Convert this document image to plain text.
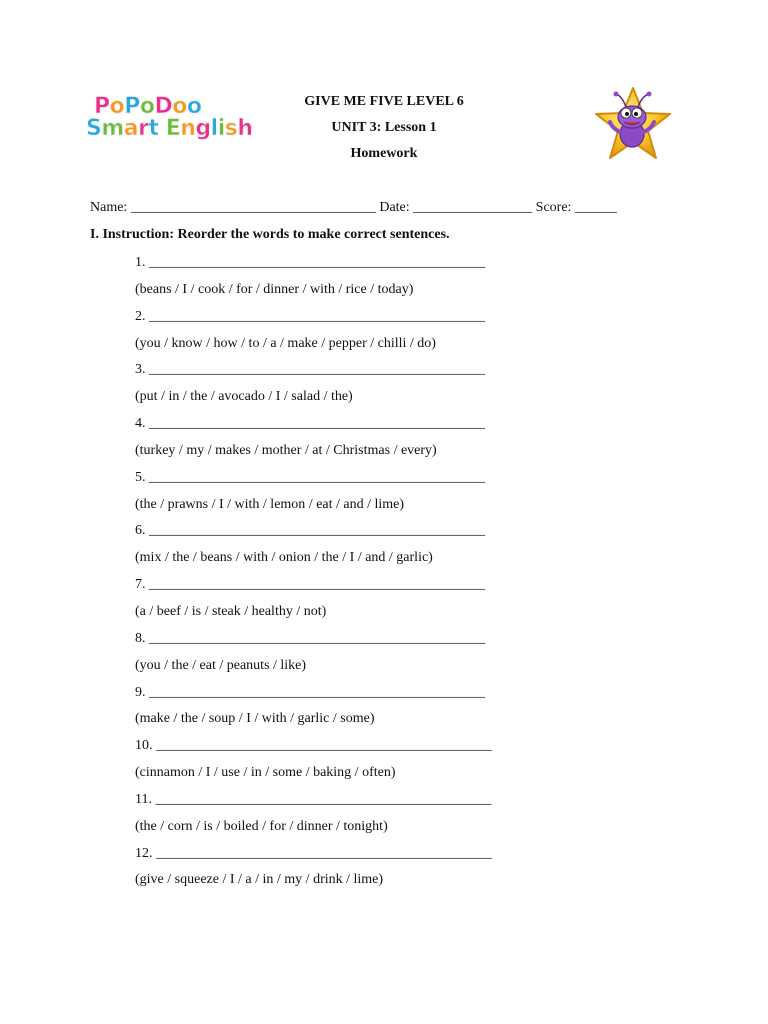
PoPoDoo
Smart English
GIVE ME FIVE LEVEL 6
UNIT 3: Lesson 1
Homework
Name: ___________________________________ Date: _________________ Score: ______
I. Instruction: Reorder the words to make correct sentences.
1. ________________________________________________
(beans / I / cook / for / dinner / with / rice / today)
2. ________________________________________________
(you / know / how / to / a / make / pepper / chilli / do)
3. ________________________________________________
(put / in / the / avocado / I / salad / the)
4. ________________________________________________
(turkey / my / makes / mother / at / Christmas / every)
5. ________________________________________________
(the / prawns / I / with / lemon / eat / and / lime)
6. ________________________________________________
(mix / the / beans / with / onion / the / I / and / garlic)
7. ________________________________________________
(a / beef / is / steak / healthy / not)
8. ________________________________________________
(you / the / eat / peanuts / like)
9. ________________________________________________
(make / the / soup / I / with / garlic / some)
10. ________________________________________________
(cinnamon / I / use / in / some / baking / often)
11. ________________________________________________
(the / corn / is / boiled / for / dinner / tonight)
12. ________________________________________________
(give / squeeze / I / a / in / my / drink / lime)
